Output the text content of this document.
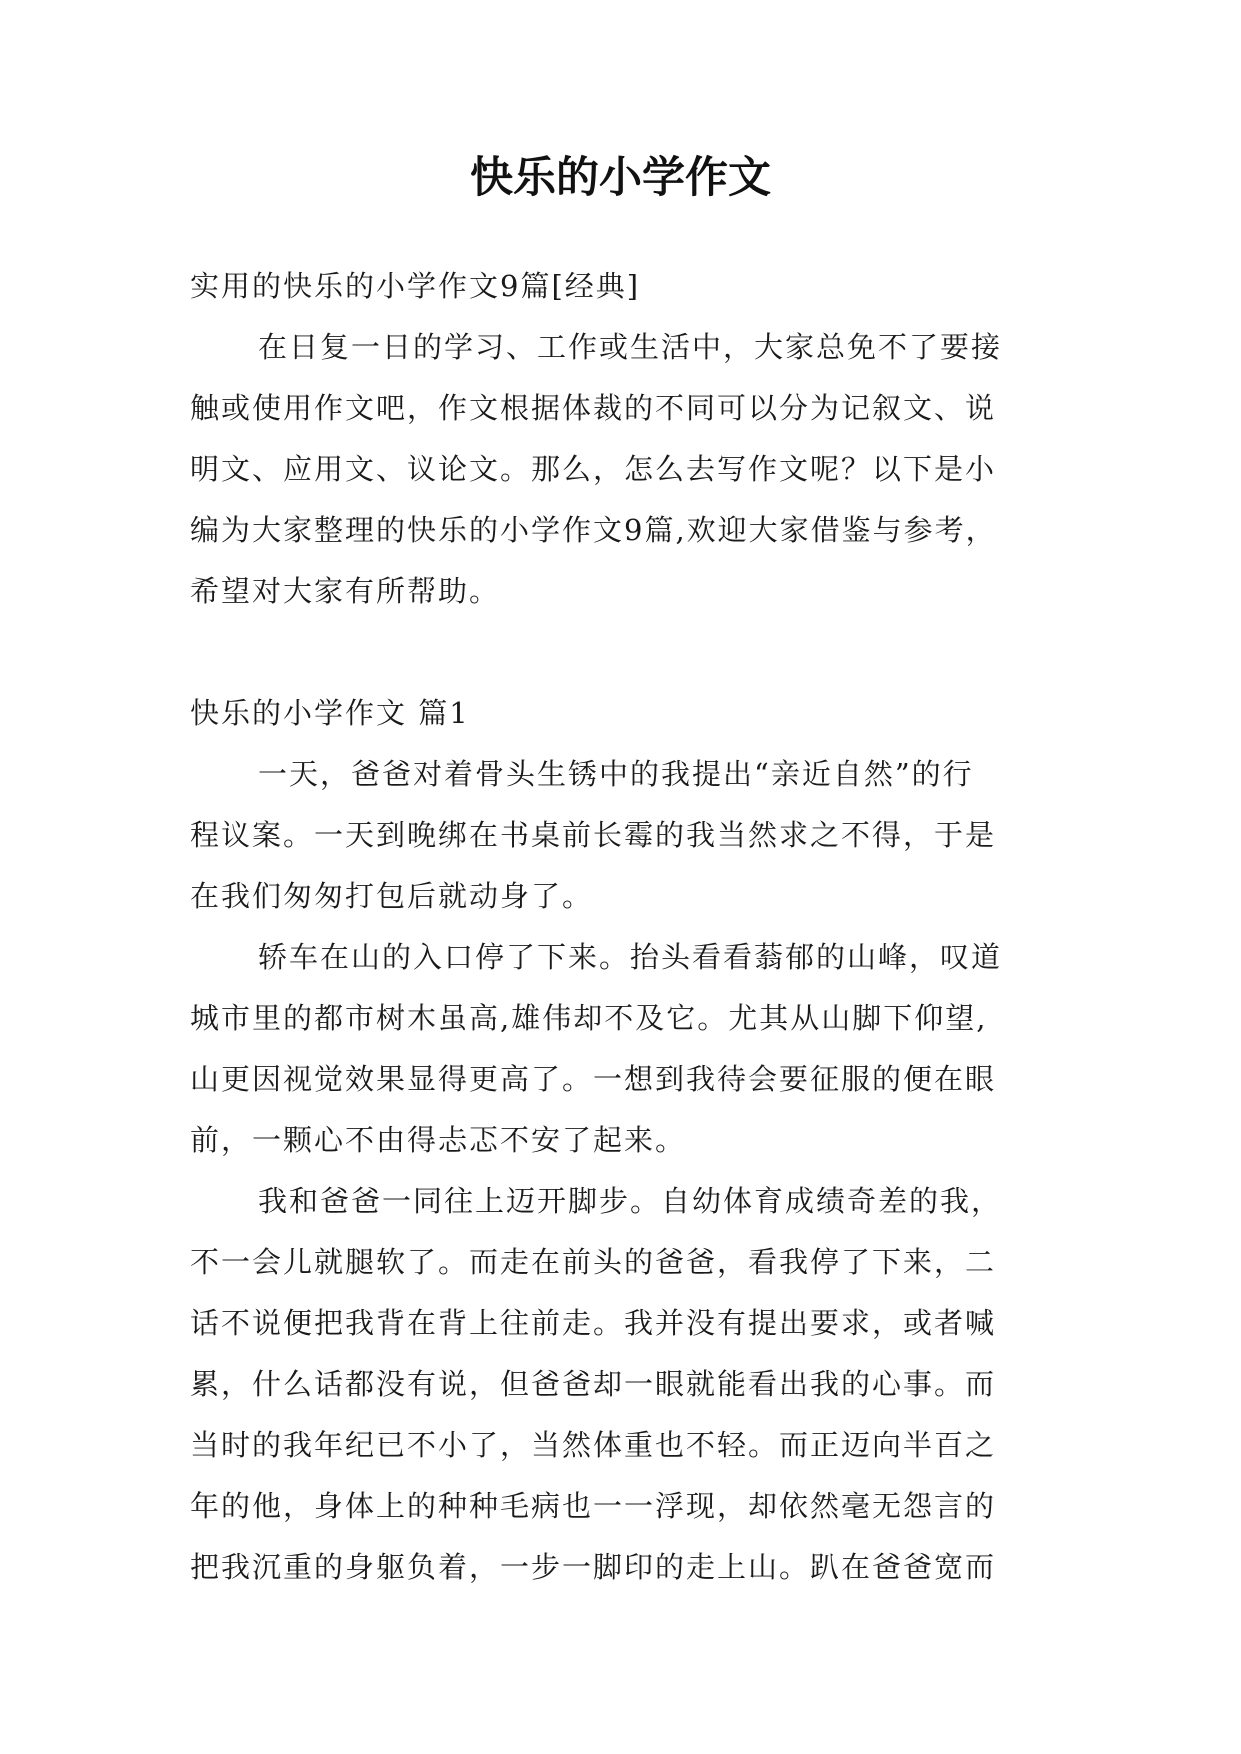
快乐的小学作文

实用的快乐的小学作文9篇[经典]

在日复一日的学习、工作或生活中，大家总免不了要接

触或使用作文吧，作文根据体裁的不同可以分为记叙文、说

明文、应用文、议论文。那么，怎么去写作文呢？以下是小

编为大家整理的快乐的小学作文9篇,欢迎大家借鉴与参考，

希望对大家有所帮助。

快乐的小学作文 篇1

一天，爸爸对着骨头生锈中的我提出“亲近自然”的行

程议案。一天到晚绑在书桌前长霉的我当然求之不得，于是

在我们匆匆打包后就动身了。

轿车在山的入口停了下来。抬头看看蓊郁的山峰，叹道

城市里的都市树木虽高,雄伟却不及它。尤其从山脚下仰望,

山更因视觉效果显得更高了。一想到我待会要征服的便在眼

前，一颗心不由得忐忑不安了起来。

我和爸爸一同往上迈开脚步。自幼体育成绩奇差的我，

不一会儿就腿软了。而走在前头的爸爸，看我停了下来，二

话不说便把我背在背上往前走。我并没有提出要求，或者喊

累，什么话都没有说，但爸爸却一眼就能看出我的心事。而

当时的我年纪已不小了，当然体重也不轻。而正迈向半百之

年的他，身体上的种种毛病也一一浮现，却依然毫无怨言的

把我沉重的身躯负着，一步一脚印的走上山。趴在爸爸宽而
